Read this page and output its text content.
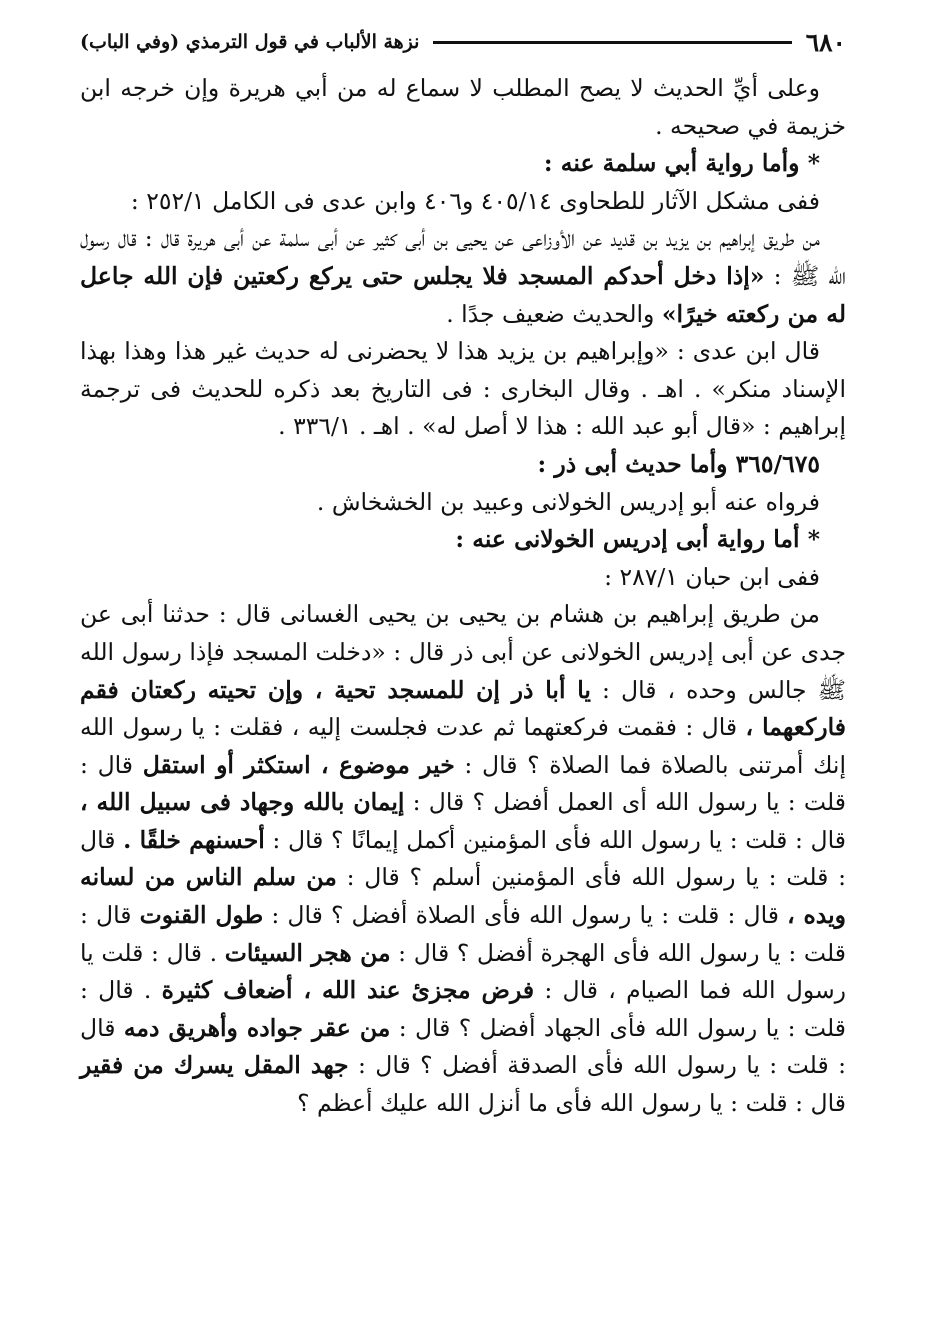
٦٨٠
نزهة الألباب في قول الترمذي (وفي الباب)

وعلى أيِّ الحديث لا يصح المطلب لا سماع له من أبي هريرة وإن خرجه ابن خزيمة في صحيحه .

* وأما رواية أبي سلمة عنه :

ففى مشكل الآثار للطحاوى ٤٠٥/١٤ و٤٠٦ وابن عدى فى الكامل ٢٥٢/١ :

من طريق إبراهيم بن يزيد بن قديد عن الأوزاعى عن يحيى بن أبى كثير عن أبى سلمة عن أبى هريرة قال : قال رسول الله ﷺ : «إذا دخل أحدكم المسجد فلا يجلس حتى يركع ركعتين فإن الله جاعل له من ركعته خيرًا» والحديث ضعيف جدًا .

قال ابن عدى : «وإبراهيم بن يزيد هذا لا يحضرنى له حديث غير هذا وهذا بهذا الإسناد منكر» . اهـ . وقال البخارى : فى التاريخ بعد ذكره للحديث فى ترجمة إبراهيم : «قال أبو عبد الله : هذا لا أصل له» . اهـ . ٣٣٦/١ .

٣٦٥/٦٧٥ وأما حديث أبى ذر :

فرواه عنه أبو إدريس الخولانى وعبيد بن الخشخاش .

* أما رواية أبى إدريس الخولانى عنه :

ففى ابن حبان ٢٨٧/١ :

من طريق إبراهيم بن هشام بن يحيى بن يحيى الغسانى قال : حدثنا أبى عن جدى عن أبى إدريس الخولانى عن أبى ذر قال : «دخلت المسجد فإذا رسول الله ﷺ جالس وحده ، قال : يا أبا ذر إن للمسجد تحية ، وإن تحيته ركعتان فقم فاركعهما ، قال : فقمت فركعتهما ثم عدت فجلست إليه ، فقلت : يا رسول الله إنك أمرتنى بالصلاة فما الصلاة ؟ قال : خير موضوع ، استكثر أو استقل قال : قلت : يا رسول الله أى العمل أفضل ؟ قال : إيمان بالله وجهاد فى سبيل الله ، قال : قلت : يا رسول الله فأى المؤمنين أكمل إيمانًا ؟ قال : أحسنهم خلقًا . قال : قلت : يا رسول الله فأى المؤمنين أسلم ؟ قال : من سلم الناس من لسانه ويده ، قال : قلت : يا رسول الله فأى الصلاة أفضل ؟ قال : طول القنوت قال : قلت : يا رسول الله فأى الهجرة أفضل ؟ قال : من هجر السيئات . قال : قلت يا رسول الله فما الصيام ، قال : فرض مجزئ عند الله ، أضعاف كثيرة . قال : قلت : يا رسول الله فأى الجهاد أفضل ؟ قال : من عقر جواده وأهريق دمه قال : قلت : يا رسول الله فأى الصدقة أفضل ؟ قال : جهد المقل يسرك من فقير قال : قلت : يا رسول الله فأى ما أنزل الله عليك أعظم ؟
